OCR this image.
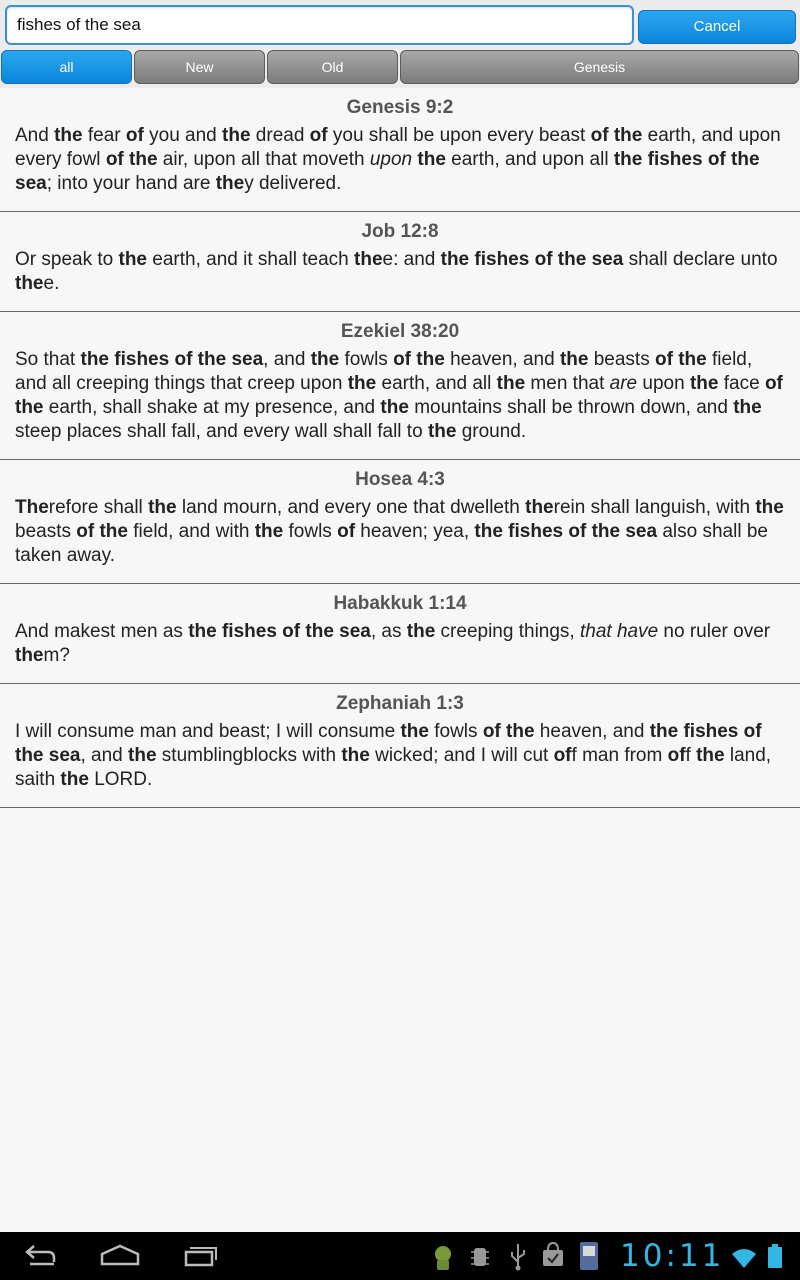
fishes of the sea	Cancel
all	New	Old	Genesis
Genesis 9:2
And the fear of you and the dread of you shall be upon every beast of the earth, and upon every fowl of the air, upon all that moveth upon the earth, and upon all the fishes of the sea; into your hand are they delivered.
Job 12:8
Or speak to the earth, and it shall teach thee: and the fishes of the sea shall declare unto thee.
Ezekiel 38:20
So that the fishes of the sea, and the fowls of the heaven, and the beasts of the field, and all creeping things that creep upon the earth, and all the men that are upon the face of the earth, shall shake at my presence, and the mountains shall be thrown down, and the steep places shall fall, and every wall shall fall to the ground.
Hosea 4:3
Therefore shall the land mourn, and every one that dwelleth therein shall languish, with the beasts of the field, and with the fowls of heaven; yea, the fishes of the sea also shall be taken away.
Habakkuk 1:14
And makest men as the fishes of the sea, as the creeping things, that have no ruler over them?
Zephaniah 1:3
I will consume man and beast; I will consume the fowls of the heaven, and the fishes of the sea, and the stumblingblocks with the wicked; and I will cut off man from off the land, saith the LORD.
10:11
